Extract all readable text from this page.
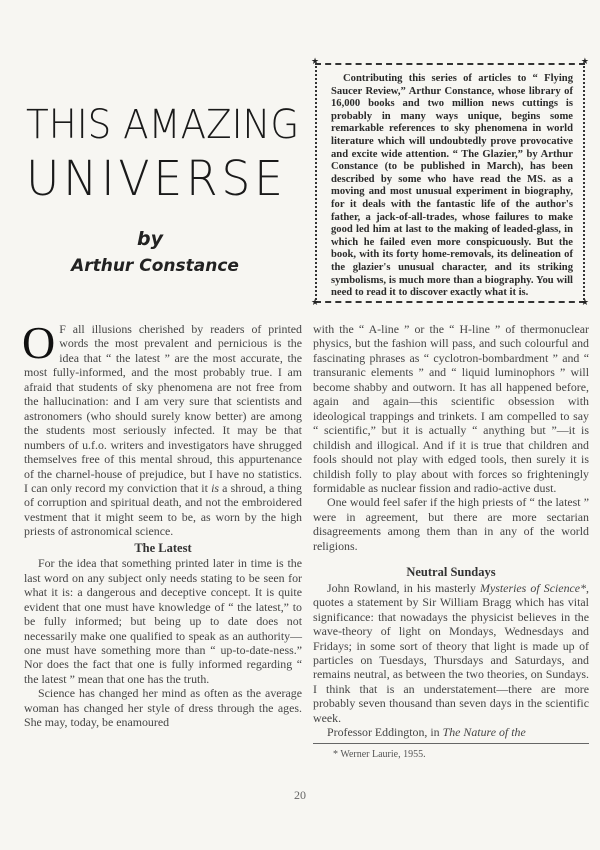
THIS AMAZING
UNIVERSE
by
Arthur Constance
★	★
★	★

Contributing this series of articles to “ Flying Saucer Review,” Arthur Constance, whose library of 16,000 books and two million news cuttings is probably in many ways unique, begins some remarkable references to sky phenomena in world literature which will undoubtedly prove provocative and excite wide attention. “ The Glazier,” by Arthur Constance (to be published in March), has been described by some who have read the MS. as a moving and most unusual experiment in biography, for it deals with the fantastic life of the author's father, a jack-of-all-trades, whose failures to make good led him at last to the making of leaded-glass, in which he failed even more conspicuously. But the book, with its forty home-removals, its delineation of the glazier's unusual character, and its striking symbolisms, is much more than a biography. You will need to read it to discover exactly what it is.

O F all illusions cherished by readers of printed words the most prevalent and pernicious is the idea that “ the latest ” are the most accurate, the most fully-informed, and the most probably true. I am afraid that students of sky phenomena are not free from the hallucination: and I am very sure that scientists and astronomers (who should surely know better) are among the students most seriously infected. It may be that numbers of u.f.o. writers and investigators have shrugged themselves free of this mental shroud, this appurtenance of the charnel-house of prejudice, but I have no statistics. I can only record my conviction that it is a shroud, a thing of corruption and spiritual death, and not the embroidered vestment that it might seem to be, as worn by the high priests of astronomical science.

The Latest

For the idea that something printed later in time is the last word on any subject only needs stating to be seen for what it is: a dangerous and deceptive concept. It is quite evident that one must have knowledge of “ the latest,” to be fully informed; but being up to date does not necessarily make one qualified to speak as an authority—one must have something more than “ up-to-date-ness.” Nor does the fact that one is fully informed regarding “ the latest ” mean that one has the truth.

Science has changed her mind as often as the average woman has changed her style of dress through the ages. She may, today, be enamoured

with the “ A-line ” or the “ H-line ” of thermonuclear physics, but the fashion will pass, and such colourful and fascinating phrases as “ cyclotron-bombardment ” and “ transuranic elements ” and “ liquid luminophors ” will become shabby and outworn. It has all happened before, again and again—this scientific obsession with ideological trappings and trinkets. I am compelled to say “ scientific,” but it is actually “ anything but ”—it is childish and illogical. And if it is true that children and fools should not play with edged tools, then surely it is childish folly to play about with forces so frighteningly formidable as nuclear fission and radio-active dust.

One would feel safer if the high priests of “ the latest ” were in agreement, but there are more sectarian disagreements among them than in any of the world religions.

Neutral Sundays

John Rowland, in his masterly Mysteries of Science*, quotes a statement by Sir William Bragg which has vital significance: that nowadays the physicist believes in the wave-theory of light on Mondays, Wednesdays and Fridays; in some sort of theory that light is made up of particles on Tuesdays, Thursdays and Saturdays, and remains neutral, as between the two theories, on Sundays. I think that is an understatement—there are more probably seven thousand than seven days in the scientific week.

Professor Eddington, in The Nature of the

* Werner Laurie, 1955.

20
